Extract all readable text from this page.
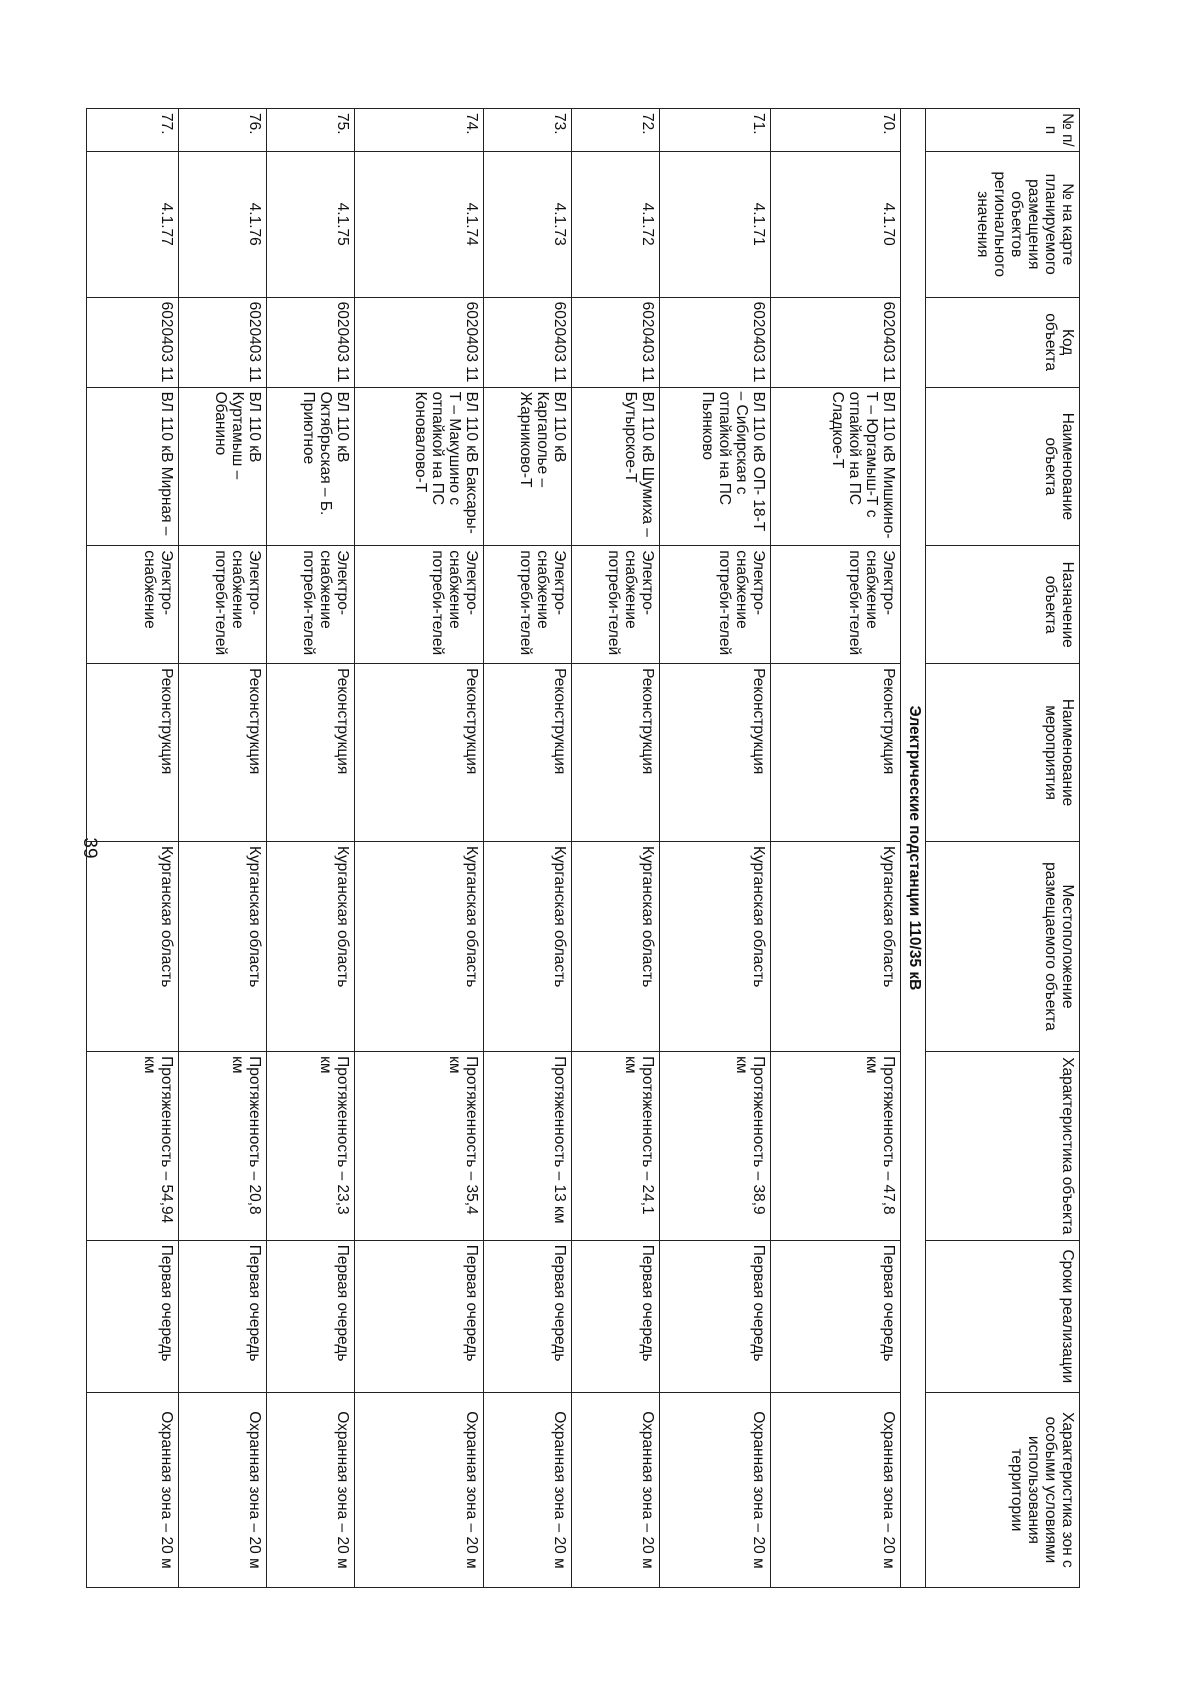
39
№ п/п	№ на карте планируемого размещения объектов регионального значения	Код объекта	Наименование объекта	Назначение объекта	Наименование мероприятия	Местоположение размещаемого объекта	Характеристика объекта	Сроки реализации	Характеристика зон с особыми условиями использования территории
Электрические подстанции 110/35 кВ									
70.	4.1.70	6020403 11	ВЛ 110 кВ Мишкино-Т – Юргамыш-Т с отпайкой на ПС Сладкое-Т	Электро-снабжение потреби-телей	Реконструкция	Курганская область	Протяженность – 47,8 км	Первая очередь	Охранная зона – 20 м
71.	4.1.71	6020403 11	ВЛ 110 кВ ОП- 18-Т – Сибирская с отпайкой на ПС Пьянково	Электро-снабжение потреби-телей	Реконструкция	Курганская область	Протяженность – 38,9 км	Первая очередь	Охранная зона – 20 м
72.	4.1.72	6020403 11	ВЛ 110 кВ Шумиха – Бутырское-Т	Электро-снабжение потреби-телей	Реконструкция	Курганская область	Протяженность – 24,1 км	Первая очередь	Охранная зона – 20 м
73.	4.1.73	6020403 11	ВЛ 110 кВ Каргаполье – Жарниково-Т	Электро-снабжение потреби-телей	Реконструкция	Курганская область	Протяженность – 13 км	Первая очередь	Охранная зона – 20 м
74.	4.1.74	6020403 11	ВЛ 110 кВ Баксары-Т – Макушино с отпайкой на ПС Коновалово-Т	Электро-снабжение потреби-телей	Реконструкция	Курганская область	Протяженность – 35,4 км	Первая очередь	Охранная зона – 20 м
75.	4.1.75	6020403 11	ВЛ 110 кВ Октябрьская – Б. Приютное	Электро-снабжение потреби-телей	Реконструкция	Курганская область	Протяженность – 23,3 км	Первая очередь	Охранная зона – 20 м
76.	4.1.76	6020403 11	ВЛ 110 кВ Куртамыш – Обанино	Электро-снабжение потреби-телей	Реконструкция	Курганская область	Протяженность – 20,8 км	Первая очередь	Охранная зона – 20 м
77.	4.1.77	6020403 11	ВЛ 110 кВ Мирная –	Электро-снабжение	Реконструкция	Курганская область	Протяженность – 54,94 км	Первая очередь	Охранная зона – 20 м
